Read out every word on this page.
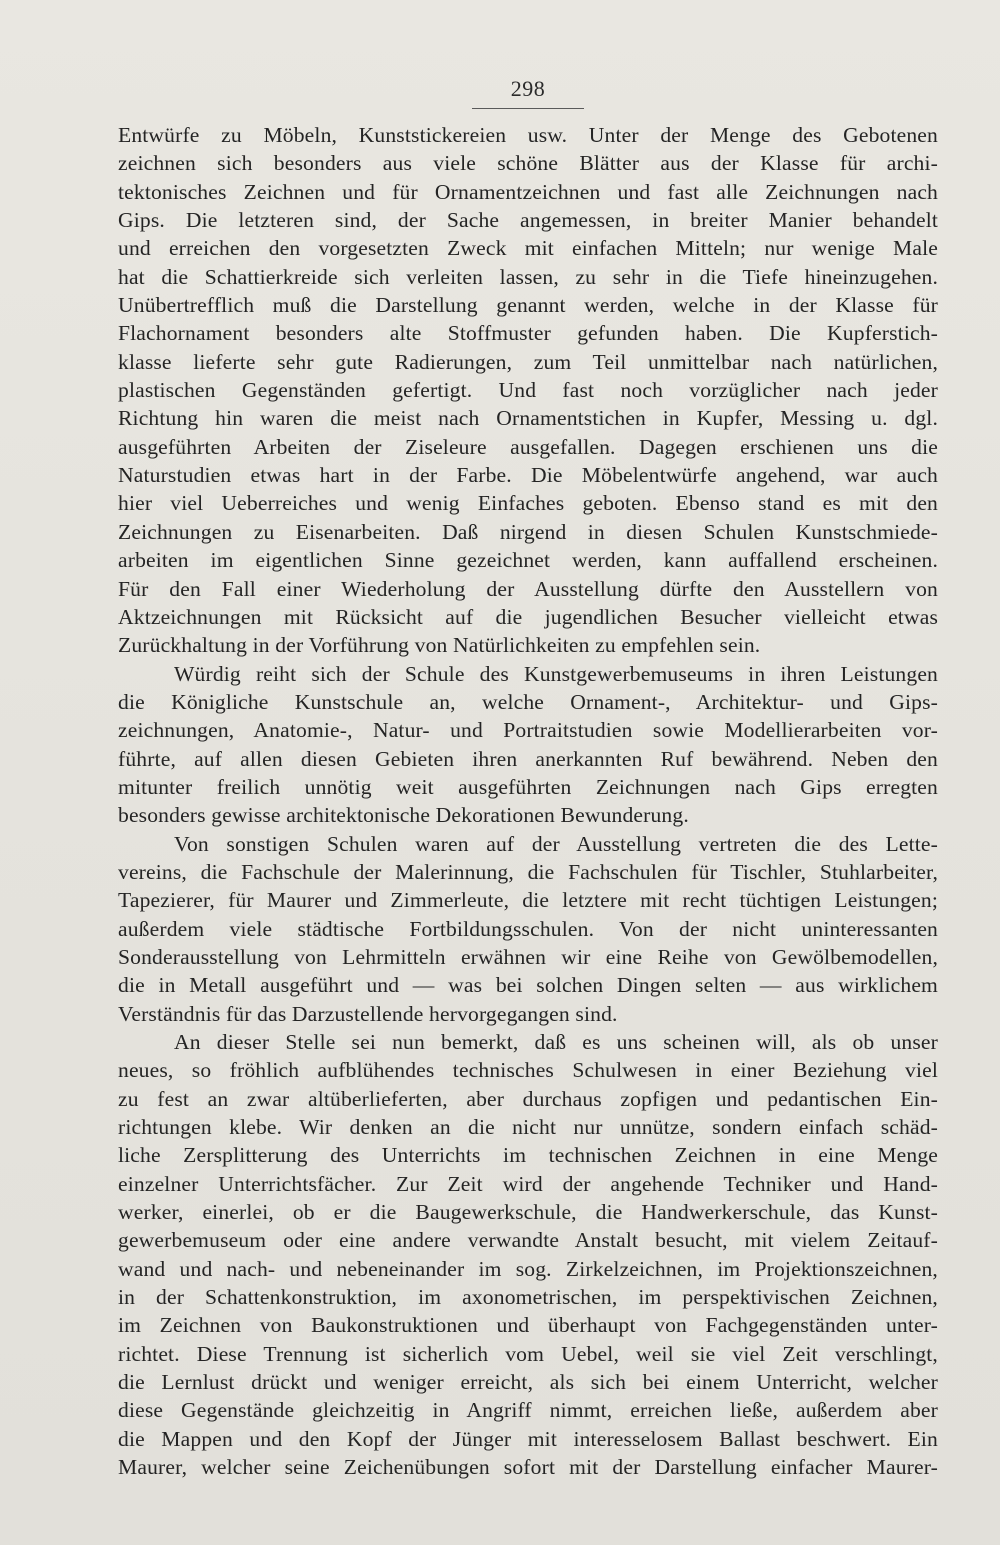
298
Entwürfe zu Möbeln, Kunststickereien usw. Unter der Menge des Gebotenen
zeichnen sich besonders aus viele schöne Blätter aus der Klasse für archi-
tektonisches Zeichnen und für Ornamentzeichnen und fast alle Zeichnungen nach
Gips. Die letzteren sind, der Sache angemessen, in breiter Manier behandelt
und erreichen den vorgesetzten Zweck mit einfachen Mitteln; nur wenige Male
hat die Schattierkreide sich verleiten lassen, zu sehr in die Tiefe hineinzugehen.
Unübertrefflich muß die Darstellung genannt werden, welche in der Klasse für
Flachornament besonders alte Stoffmuster gefunden haben. Die Kupferstich-
klasse lieferte sehr gute Radierungen, zum Teil unmittelbar nach natürlichen,
plastischen Gegenständen gefertigt. Und fast noch vorzüglicher nach jeder
Richtung hin waren die meist nach Ornamentstichen in Kupfer, Messing u. dgl.
ausgeführten Arbeiten der Ziseleure ausgefallen. Dagegen erschienen uns die
Naturstudien etwas hart in der Farbe. Die Möbelentwürfe angehend, war auch
hier viel Ueberreiches und wenig Einfaches geboten. Ebenso stand es mit den
Zeichnungen zu Eisenarbeiten. Daß nirgend in diesen Schulen Kunstschmiede-
arbeiten im eigentlichen Sinne gezeichnet werden, kann auffallend erscheinen.
Für den Fall einer Wiederholung der Ausstellung dürfte den Ausstellern von
Aktzeichnungen mit Rücksicht auf die jugendlichen Besucher vielleicht etwas
Zurückhaltung in der Vorführung von Natürlichkeiten zu empfehlen sein.
Würdig reiht sich der Schule des Kunstgewerbemuseums in ihren Leistungen
die Königliche Kunstschule an, welche Ornament-, Architektur- und Gips-
zeichnungen, Anatomie-, Natur- und Portraitstudien sowie Modellierarbeiten vor-
führte, auf allen diesen Gebieten ihren anerkannten Ruf bewährend. Neben den
mitunter freilich unnötig weit ausgeführten Zeichnungen nach Gips erregten
besonders gewisse architektonische Dekorationen Bewunderung.
Von sonstigen Schulen waren auf der Ausstellung vertreten die des Lette-
vereins, die Fachschule der Malerinnung, die Fachschulen für Tischler, Stuhlarbeiter,
Tapezierer, für Maurer und Zimmerleute, die letztere mit recht tüchtigen Leistungen;
außerdem viele städtische Fortbildungsschulen. Von der nicht uninteressanten
Sonderausstellung von Lehrmitteln erwähnen wir eine Reihe von Gewölbemodellen,
die in Metall ausgeführt und — was bei solchen Dingen selten — aus wirklichem
Verständnis für das Darzustellende hervorgegangen sind.
An dieser Stelle sei nun bemerkt, daß es uns scheinen will, als ob unser
neues, so fröhlich aufblühendes technisches Schulwesen in einer Beziehung viel
zu fest an zwar altüberlieferten, aber durchaus zopfigen und pedantischen Ein-
richtungen klebe. Wir denken an die nicht nur unnütze, sondern einfach schäd-
liche Zersplitterung des Unterrichts im technischen Zeichnen in eine Menge
einzelner Unterrichtsfächer. Zur Zeit wird der angehende Techniker und Hand-
werker, einerlei, ob er die Baugewerkschule, die Handwerkerschule, das Kunst-
gewerbemuseum oder eine andere verwandte Anstalt besucht, mit vielem Zeitauf-
wand und nach- und nebeneinander im sog. Zirkelzeichnen, im Projektionszeichnen,
in der Schattenkonstruktion, im axonometrischen, im perspektivischen Zeichnen,
im Zeichnen von Baukonstruktionen und überhaupt von Fachgegenständen unter-
richtet. Diese Trennung ist sicherlich vom Uebel, weil sie viel Zeit verschlingt,
die Lernlust drückt und weniger erreicht, als sich bei einem Unterricht, welcher
diese Gegenstände gleichzeitig in Angriff nimmt, erreichen ließe, außerdem aber
die Mappen und den Kopf der Jünger mit interesselosem Ballast beschwert. Ein
Maurer, welcher seine Zeichenübungen sofort mit der Darstellung einfacher Maurer-
